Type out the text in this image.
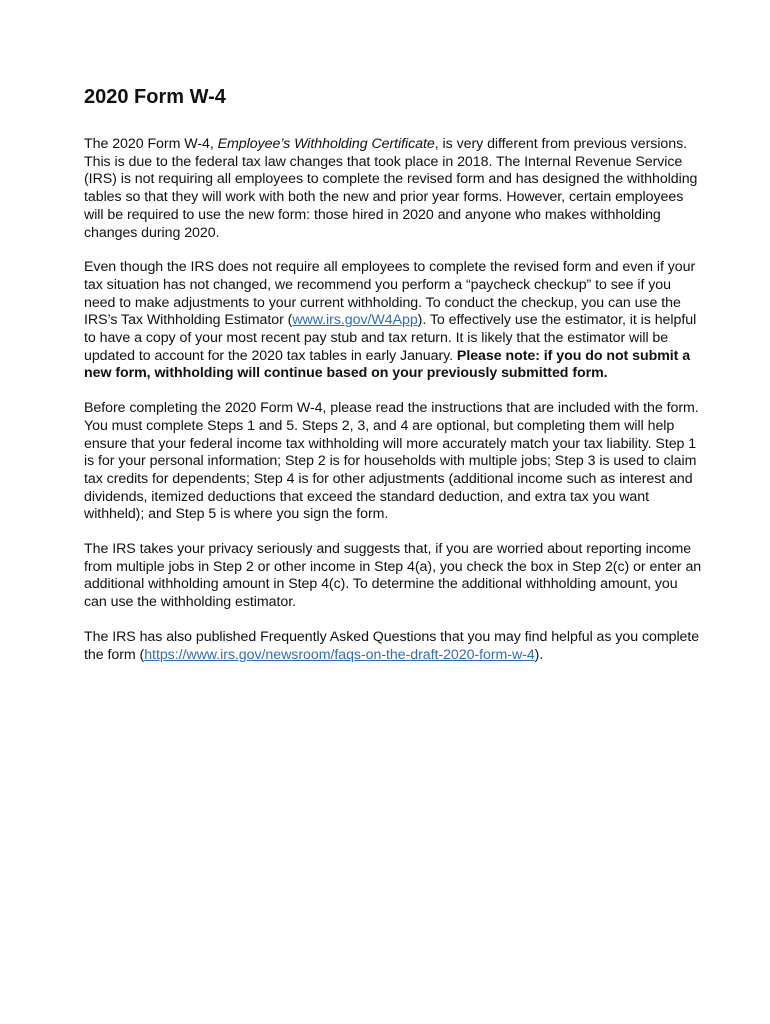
2020 Form W-4

The 2020 Form W-4, Employee’s Withholding Certificate, is very different from previous versions. This is due to the federal tax law changes that took place in 2018. The Internal Revenue Service (IRS) is not requiring all employees to complete the revised form and has designed the withholding tables so that they will work with both the new and prior year forms. However, certain employees will be required to use the new form: those hired in 2020 and anyone who makes withholding changes during 2020.

Even though the IRS does not require all employees to complete the revised form and even if your tax situation has not changed, we recommend you perform a “paycheck checkup” to see if you need to make adjustments to your current withholding. To conduct the checkup, you can use the IRS’s Tax Withholding Estimator (www.irs.gov/W4App). To effectively use the estimator, it is helpful to have a copy of your most recent pay stub and tax return. It is likely that the estimator will be updated to account for the 2020 tax tables in early January. Please note: if you do not submit a new form, withholding will continue based on your previously submitted form.

Before completing the 2020 Form W-4, please read the instructions that are included with the form. You must complete Steps 1 and 5. Steps 2, 3, and 4 are optional, but completing them will help ensure that your federal income tax withholding will more accurately match your tax liability. Step 1 is for your personal information; Step 2 is for households with multiple jobs; Step 3 is used to claim tax credits for dependents; Step 4 is for other adjustments (additional income such as interest and dividends, itemized deductions that exceed the standard deduction, and extra tax you want withheld); and Step 5 is where you sign the form.

The IRS takes your privacy seriously and suggests that, if you are worried about reporting income from multiple jobs in Step 2 or other income in Step 4(a), you check the box in Step 2(c) or enter an additional withholding amount in Step 4(c). To determine the additional withholding amount, you can use the withholding estimator.

The IRS has also published Frequently Asked Questions that you may find helpful as you complete the form (https://www.irs.gov/newsroom/faqs-on-the-draft-2020-form-w-4).
